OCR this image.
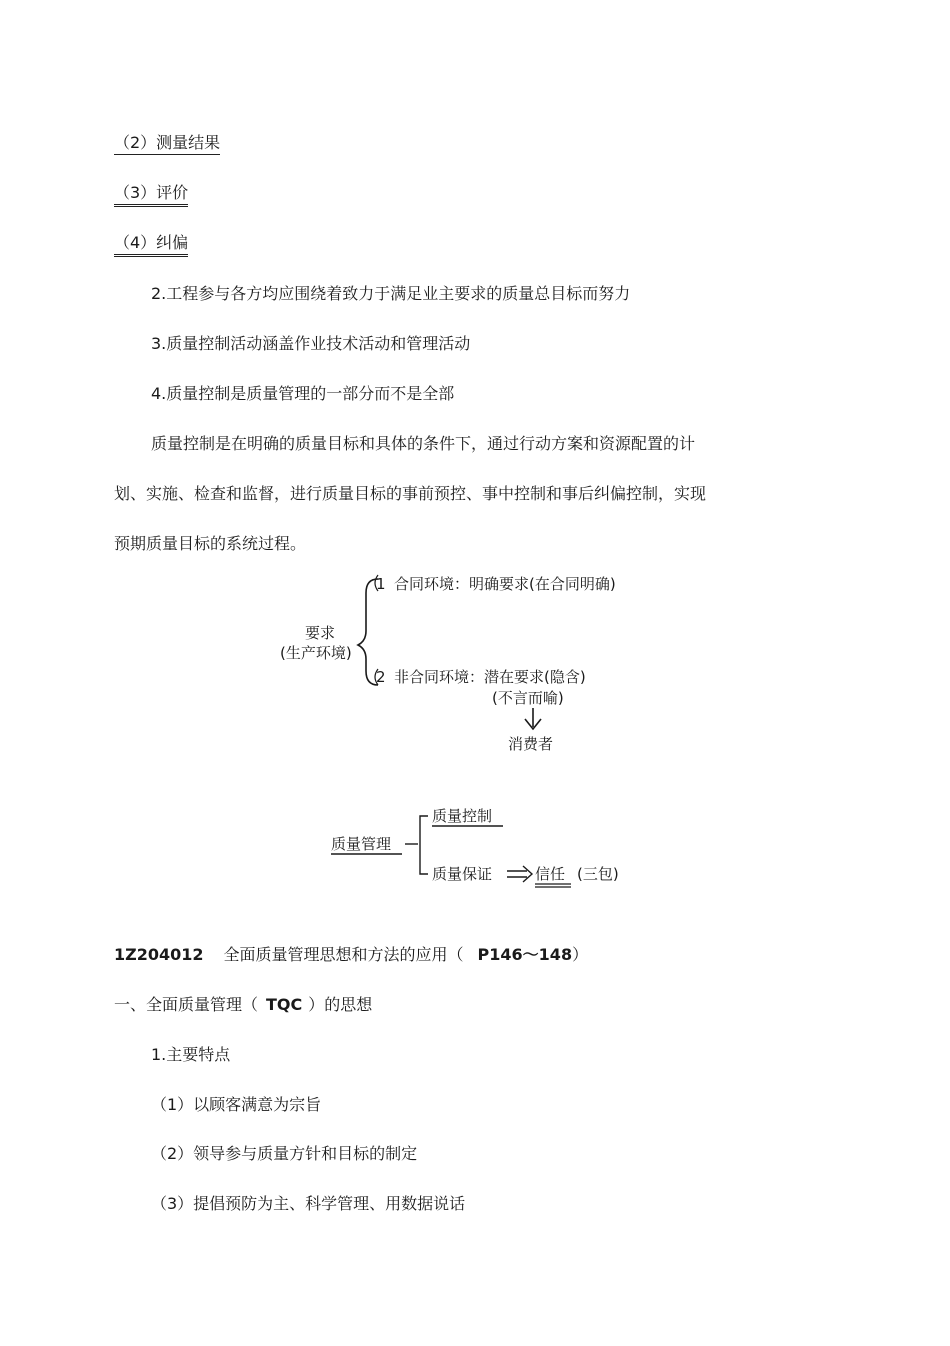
（2）测量结果
（3）评价
（4）纠偏
2.工程参与各方均应围绕着致力于满足业主要求的质量总目标而努力
3.质量控制活动涵盖作业技术活动和管理活动
4.质量控制是质量管理的一部分而不是全部
质量控制是在明确的质量目标和具体的条件下，通过行动方案和资源配置的计
划、实施、检查和监督，进行质量目标的事前预控、事中控制和事后纠偏控制，实现
预期质量目标的系统过程。
要求
(生产环境)
1 合同环境：明确要求(在合同明确)
2 非合同环境：潜在要求(隐含)
(不言而喻)
消费者
质量管理
质量控制
质量保证	信任 (三包)
1Z204012 全面质量管理思想和方法的应用（ P146～148）
一、全面质量管理（ TQC ）的思想
1.主要特点
（1）以顾客满意为宗旨
（2）领导参与质量方针和目标的制定
（3）提倡预防为主、科学管理、用数据说话
